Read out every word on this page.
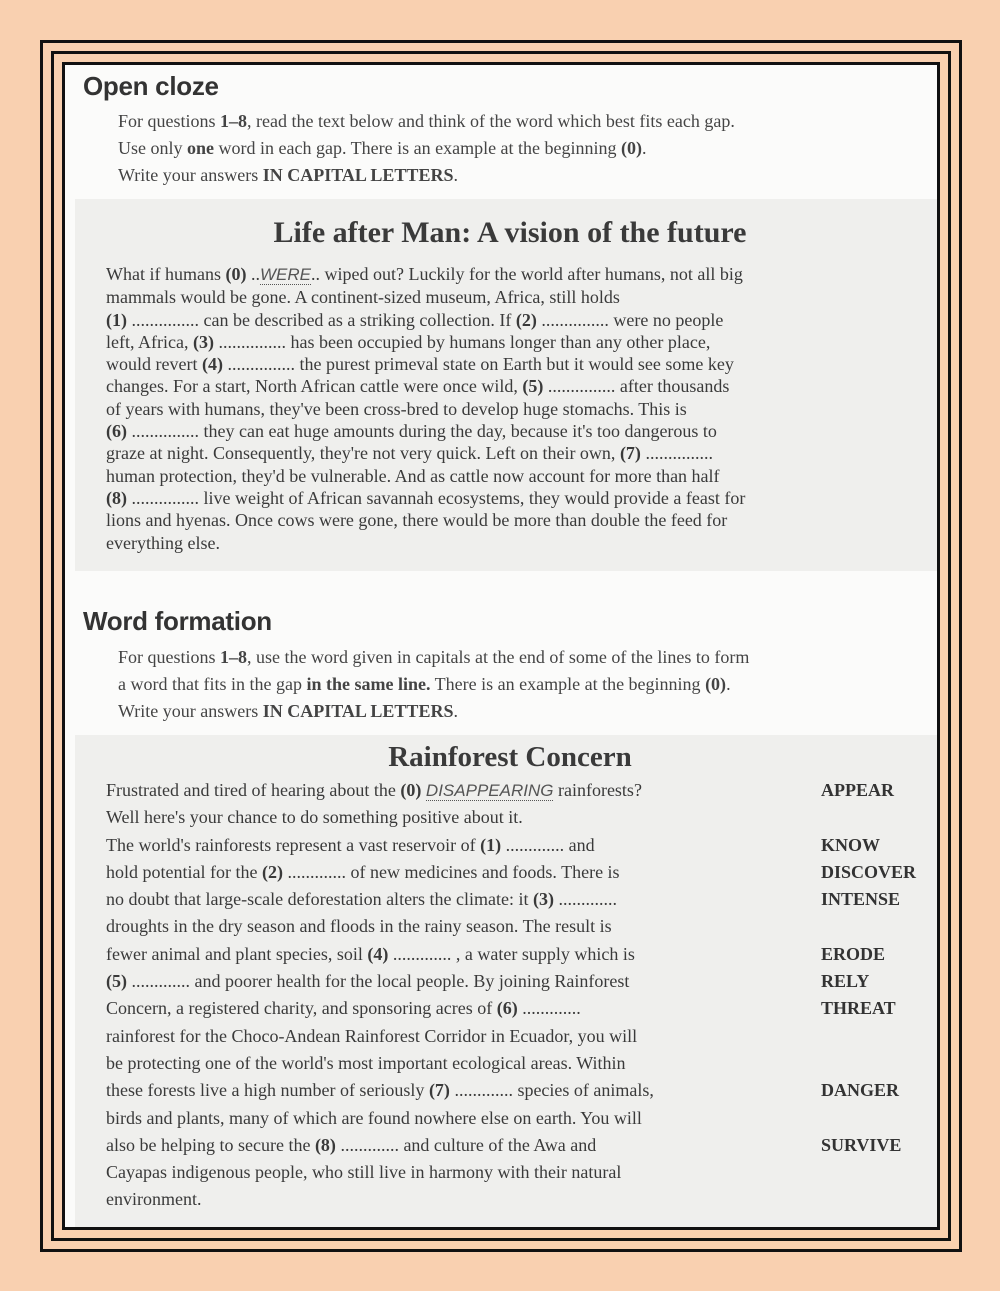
Open cloze

For questions 1–8, read the text below and think of the word which best fits each gap.

Use only one word in each gap. There is an example at the beginning (0).

Write your answers IN CAPITAL LETTERS.

Life after Man: A vision of the future
What if humans (0) ..WERE.. wiped out? Luckily for the world after humans, not all big
mammals would be gone. A continent-sized museum, Africa, still holds
(1) ............... can be described as a striking collection. If (2) ............... were no people
left, Africa, (3) ............... has been occupied by humans longer than any other place,
would revert (4) ............... the purest primeval state on Earth but it would see some key
changes. For a start, North African cattle were once wild, (5) ............... after thousands
of years with humans, they've been cross-bred to develop huge stomachs. This is
(6) ............... they can eat huge amounts during the day, because it's too dangerous to
graze at night. Consequently, they're not very quick. Left on their own, (7) ...............
human protection, they'd be vulnerable. And as cattle now account for more than half
(8) ............... live weight of African savannah ecosystems, they would provide a feast for
lions and hyenas. Once cows were gone, there would be more than double the feed for
everything else.
Word formation

For questions 1–8, use the word given in capitals at the end of some of the lines to form

a word that fits in the gap in the same line. There is an example at the beginning (0).

Write your answers IN CAPITAL LETTERS.

Rainforest Concern
Frustrated and tired of hearing about the (0) DISAPPEARING rainforests?	APPEAR
Well here's your chance to do something positive about it.
The world's rainforests represent a vast reservoir of (1) ............. and	KNOW
hold potential for the (2) ............. of new medicines and foods. There is	DISCOVER
no doubt that large-scale deforestation alters the climate: it (3) .............	INTENSE
droughts in the dry season and floods in the rainy season. The result is
fewer animal and plant species, soil (4) ............. , a water supply which is	ERODE
(5) ............. and poorer health for the local people. By joining Rainforest	RELY
Concern, a registered charity, and sponsoring acres of (6) .............	THREAT
rainforest for the Choco-Andean Rainforest Corridor in Ecuador, you will
be protecting one of the world's most important ecological areas. Within
these forests live a high number of seriously (7) ............. species of animals,	DANGER
birds and plants, many of which are found nowhere else on earth. You will
also be helping to secure the (8) ............. and culture of the Awa and	SURVIVE
Cayapas indigenous people, who still live in harmony with their natural
environment.
